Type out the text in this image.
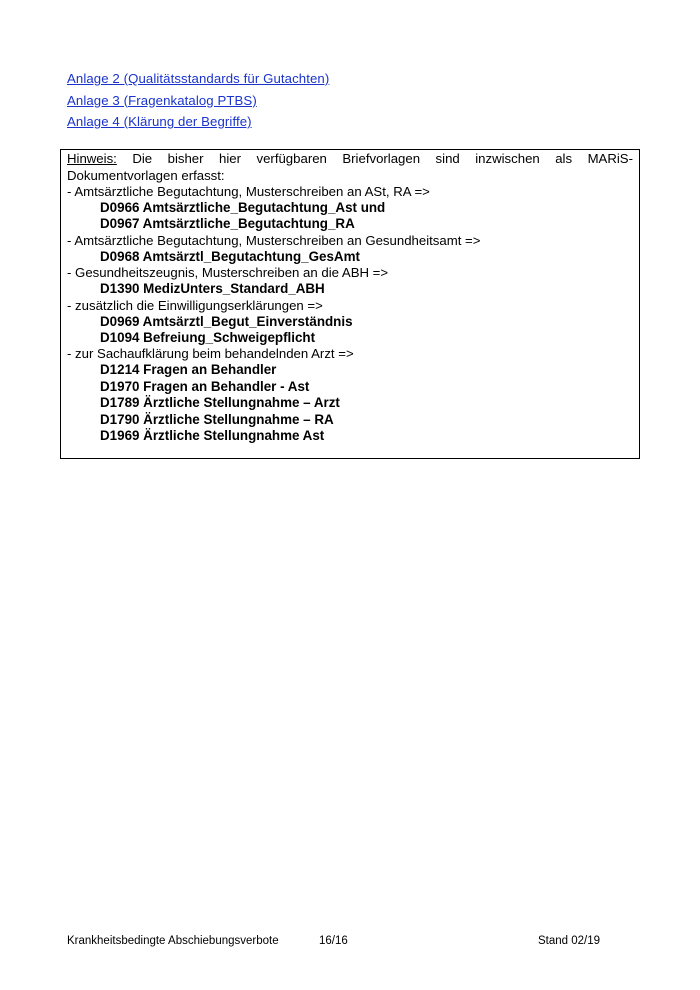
Anlage 2 (Qualitätsstandards für Gutachten)
Anlage 3 (Fragenkatalog PTBS)
Anlage 4 (Klärung der Begriffe)

Hinweis: Die bisher hier verfügbaren Briefvorlagen sind inzwischen als MARiS-Dokumentvorlagen erfasst:

- Amtsärztliche Begutachtung, Musterschreiben an ASt, RA =>
D0966 Amtsärztliche_Begutachtung_Ast und
D0967 Amtsärztliche_Begutachtung_RA
- Amtsärztliche Begutachtung, Musterschreiben an Gesundheitsamt =>
D0968 Amtsärztl_Begutachtung_GesAmt
- Gesundheitszeugnis, Musterschreiben an die ABH =>
D1390 MedizUnters_Standard_ABH
- zusätzlich die Einwilligungserklärungen =>
D0969 Amtsärztl_Begut_Einverständnis
D1094 Befreiung_Schweigepflicht
- zur Sachaufklärung beim behandelnden Arzt =>
D1214 Fragen an Behandler
D1970 Fragen an Behandler - Ast
D1789 Ärztliche Stellungnahme – Arzt
D1790 Ärztliche Stellungnahme – RA
D1969 Ärztliche Stellungnahme Ast
Krankheitsbedingte Abschiebungsverbote	16/16	Stand 02/19
